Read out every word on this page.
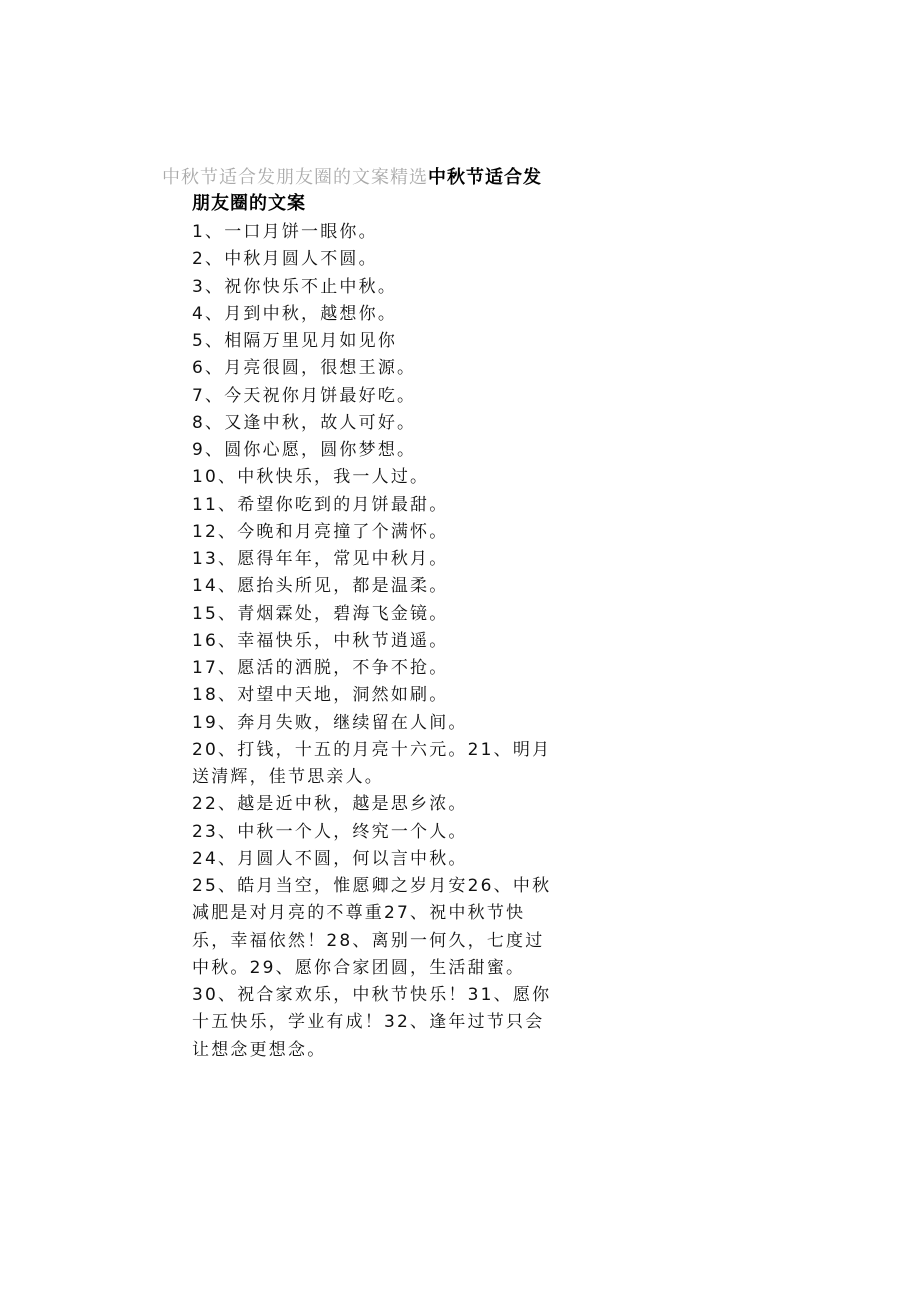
中秋节适合发朋友圈的文案精选中秋节适合发
朋友圈的文案
1、一口月饼一眼你。
2、中秋月圆人不圆。
3、祝你快乐不止中秋。
4、月到中秋，越想你。
5、相隔万里见月如见你
6、月亮很圆，很想王源。
7、今天祝你月饼最好吃。
8、又逢中秋，故人可好。
9、圆你心愿，圆你梦想。
10、中秋快乐，我一人过。
11、希望你吃到的月饼最甜。
12、今晚和月亮撞了个满怀。
13、愿得年年，常见中秋月。
14、愿抬头所见，都是温柔。
15、青烟霖处，碧海飞金镜。
16、幸福快乐，中秋节逍遥。
17、愿活的洒脱，不争不抢。
18、对望中天地，洞然如刷。
19、奔月失败，继续留在人间。
20、打钱，十五的月亮十六元。21、明月
送清辉，佳节思亲人。
22、越是近中秋，越是思乡浓。
23、中秋一个人，终究一个人。
24、月圆人不圆，何以言中秋。
25、皓月当空，惟愿卿之岁月安26、中秋
减肥是对月亮的不尊重27、祝中秋节快
乐，幸福依然！28、离别一何久，七度过
中秋。29、愿你合家团圆，生活甜蜜。
30、祝合家欢乐，中秋节快乐！31、愿你
十五快乐，学业有成！32、逢年过节只会
让想念更想念。
